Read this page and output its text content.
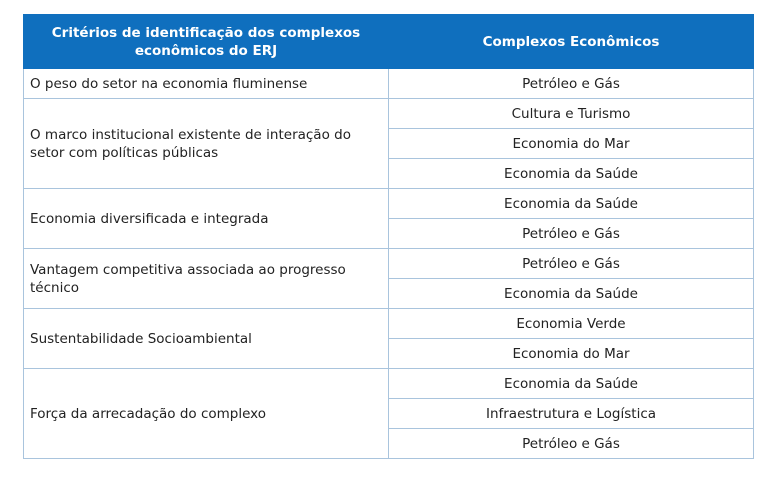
Critérios de identificação dos complexos econômicos do ERJ	Complexos Econômicos
O peso do setor na economia fluminense	Petróleo e Gás
O marco institucional existente de interação do setor com políticas públicas	Cultura e Turismo
	Economia do Mar
	Economia da Saúde
Economia diversificada e integrada	Economia da Saúde
	Petróleo e Gás
Vantagem competitiva associada ao progresso técnico	Petróleo e Gás
	Economia da Saúde
Sustentabilidade Socioambiental	Economia Verde
	Economia do Mar
Força da arrecadação do complexo	Economia da Saúde
	Infraestrutura e Logística
	Petróleo e Gás
